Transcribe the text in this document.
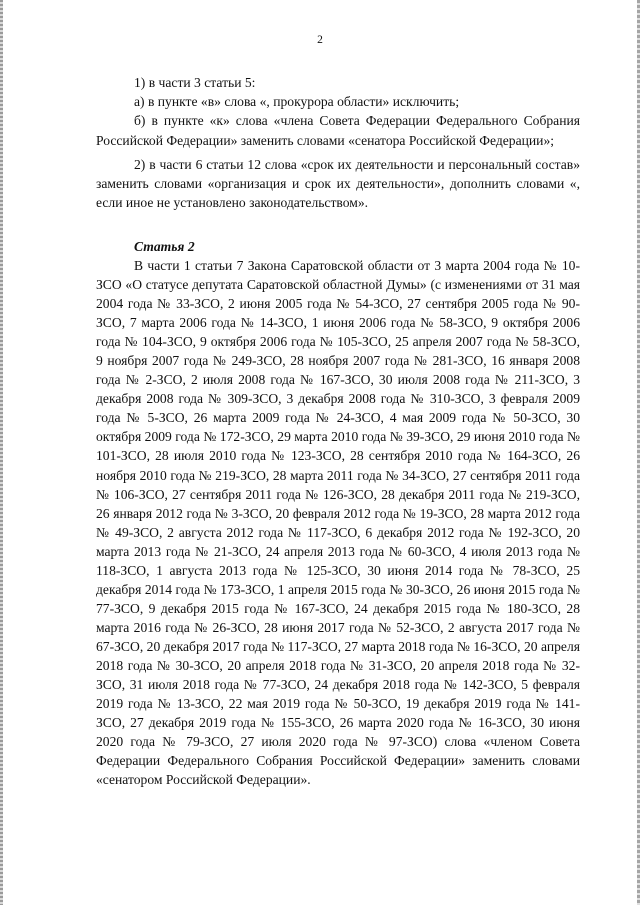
2

1) в части 3 статьи 5:

а) в пункте «в» слова «, прокурора области» исключить;

б) в пункте «к» слова «члена Совета Федерации Федерального Собрания Российской Федерации» заменить словами «сенатора Российской Федерации»;

2) в части 6 статьи 12 слова «срок их деятельности и персональный состав» заменить словами «организация и срок их деятельности», дополнить словами «, если иное не установлено законодательством».

Статья 2

В части 1 статьи 7 Закона Саратовской области от 3 марта 2004 года № 10-ЗСО «О статусе депутата Саратовской областной Думы» (с изменениями от 31 мая 2004 года № 33-ЗСО, 2 июня 2005 года № 54-ЗСО, 27 сентября 2005 года № 90-ЗСО, 7 марта 2006 года № 14-ЗСО, 1 июня 2006 года № 58-ЗСО, 9 октября 2006 года № 104-ЗСО, 9 октября 2006 года № 105-ЗСО, 25 апреля 2007 года № 58-ЗСО, 9 ноября 2007 года № 249-ЗСО, 28 ноября 2007 года № 281-ЗСО, 16 января 2008 года № 2-ЗСО, 2 июля 2008 года № 167-ЗСО, 30 июля 2008 года № 211-ЗСО, 3 декабря 2008 года № 309-ЗСО, 3 декабря 2008 года № 310-ЗСО, 3 февраля 2009 года № 5-ЗСО, 26 марта 2009 года № 24-ЗСО, 4 мая 2009 года № 50-ЗСО, 30 октября 2009 года № 172-ЗСО, 29 марта 2010 года № 39-ЗСО, 29 июня 2010 года № 101-ЗСО, 28 июля 2010 года № 123-ЗСО, 28 сентября 2010 года № 164-ЗСО, 26 ноября 2010 года № 219-ЗСО, 28 марта 2011 года № 34-ЗСО, 27 сентября 2011 года № 106-ЗСО, 27 сентября 2011 года № 126-ЗСО, 28 декабря 2011 года № 219-ЗСО, 26 января 2012 года № 3-ЗСО, 20 февраля 2012 года № 19-ЗСО, 28 марта 2012 года № 49-ЗСО, 2 августа 2012 года № 117-ЗСО, 6 декабря 2012 года № 192-ЗСО, 20 марта 2013 года № 21-ЗСО, 24 апреля 2013 года № 60-ЗСО, 4 июля 2013 года № 118-ЗСО, 1 августа 2013 года № 125-ЗСО, 30 июня 2014 года № 78-ЗСО, 25 декабря 2014 года № 173-ЗСО, 1 апреля 2015 года № 30-ЗСО, 26 июня 2015 года № 77-ЗСО, 9 декабря 2015 года № 167-ЗСО, 24 декабря 2015 года № 180-ЗСО, 28 марта 2016 года № 26-ЗСО, 28 июня 2017 года № 52-ЗСО, 2 августа 2017 года № 67-ЗСО, 20 декабря 2017 года № 117-ЗСО, 27 марта 2018 года № 16-ЗСО, 20 апреля 2018 года № 30-ЗСО, 20 апреля 2018 года № 31-ЗСО, 20 апреля 2018 года № 32-ЗСО, 31 июля 2018 года № 77-ЗСО, 24 декабря 2018 года № 142-ЗСО, 5 февраля 2019 года № 13-ЗСО, 22 мая 2019 года № 50-ЗСО, 19 декабря 2019 года № 141-ЗСО, 27 декабря 2019 года № 155-ЗСО, 26 марта 2020 года № 16-ЗСО, 30 июня 2020 года № 79-ЗСО, 27 июля 2020 года № 97-ЗСО) слова «членом Совета Федерации Федерального Собрания Российской Федерации» заменить словами «сенатором Российской Федерации».
